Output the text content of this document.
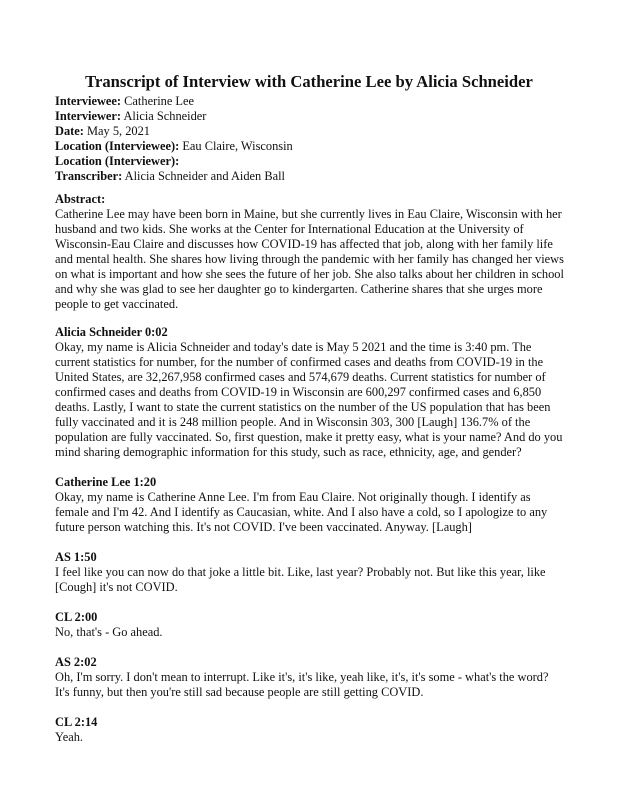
Transcript of Interview with Catherine Lee by Alicia Schneider
Interviewee: Catherine Lee
Interviewer: Alicia Schneider
Date: May 5, 2021
Location (Interviewee): Eau Claire, Wisconsin
Location (Interviewer):
Transcriber: Alicia Schneider and Aiden Ball
Abstract:

Catherine Lee may have been born in Maine, but she currently lives in Eau Claire, Wisconsin with her husband and two kids. She works at the Center for International Education at the University of Wisconsin-Eau Claire and discusses how COVID-19 has affected that job, along with her family life and mental health. She shares how living through the pandemic with her family has changed her views on what is important and how she sees the future of her job. She also talks about her children in school and why she was glad to see her daughter go to kindergarten. Catherine shares that she urges more people to get vaccinated.

Alicia Schneider 0:02

Okay, my name is Alicia Schneider and today's date is May 5 2021 and the time is 3:40 pm. The current statistics for number, for the number of confirmed cases and deaths from COVID-19 in the United States, are 32,267,958 confirmed cases and 574,679 deaths. Current statistics for number of confirmed cases and deaths from COVID-19 in Wisconsin are 600,297 confirmed cases and 6,850 deaths. Lastly, I want to state the current statistics on the number of the US population that has been fully vaccinated and it is 248 million people. And in Wisconsin 303, 300 [Laugh] 136.7% of the population are fully vaccinated. So, first question, make it pretty easy, what is your name? And do you mind sharing demographic information for this study, such as race, ethnicity, age, and gender?

Catherine Lee 1:20

Okay, my name is Catherine Anne Lee. I'm from Eau Claire. Not originally though. I identify as female and I'm 42. And I identify as Caucasian, white. And I also have a cold, so I apologize to any future person watching this. It's not COVID. I've been vaccinated. Anyway. [Laugh]

AS 1:50

I feel like you can now do that joke a little bit. Like, last year? Probably not. But like this year, like [Cough] it's not COVID.

CL 2:00

No, that's - Go ahead.

AS 2:02

Oh, I'm sorry. I don't mean to interrupt. Like it's, it's like, yeah like, it's, it's some - what's the word? It's funny, but then you're still sad because people are still getting COVID.

CL 2:14

Yeah.
